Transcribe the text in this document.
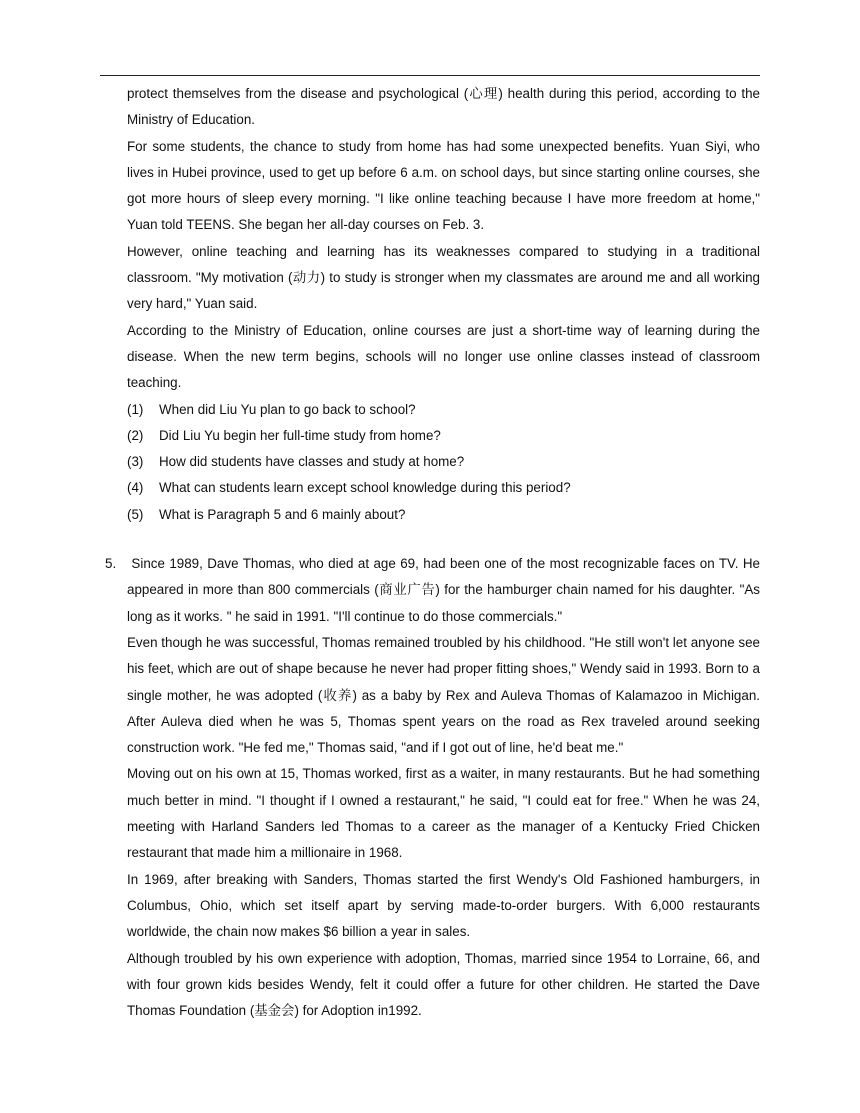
protect themselves from the disease and psychological (心理) health during this period, according to the Ministry of Education.

For some students, the chance to study from home has had some unexpected benefits. Yuan Siyi, who lives in Hubei province, used to get up before 6 a.m. on school days, but since starting online courses, she got more hours of sleep every morning. "I like online teaching because I have more freedom at home," Yuan told TEENS. She began her all-day courses on Feb. 3.

However, online teaching and learning has its weaknesses compared to studying in a traditional classroom. "My motivation (动力) to study is stronger when my classmates are around me and all working very hard," Yuan said.

According to the Ministry of Education, online courses are just a short-time way of learning during the disease. When the new term begins, schools will no longer use online classes instead of classroom teaching.

(1)	When did Liu Yu plan to go back to school?
(2)	Did Liu Yu begin her full-time study from home?
(3)	How did students have classes and study at home?
(4)	What can students learn except school knowledge during this period?
(5)	What is Paragraph 5 and 6 mainly about?

5. Since 1989, Dave Thomas, who died at age 69, had been one of the most recognizable faces on TV. He appeared in more than 800 commercials (商业广告) for the hamburger chain named for his daughter. "As long as it works. " he said in 1991. "I'll continue to do those commercials."

Even though he was successful, Thomas remained troubled by his childhood. "He still won't let anyone see his feet, which are out of shape because he never had proper fitting shoes," Wendy said in 1993. Born to a single mother, he was adopted (收养) as a baby by Rex and Auleva Thomas of Kalamazoo in Michigan. After Auleva died when he was 5, Thomas spent years on the road as Rex traveled around seeking construction work. "He fed me," Thomas said, "and if I got out of line, he'd beat me."

Moving out on his own at 15, Thomas worked, first as a waiter, in many restaurants. But he had something much better in mind. "I thought if I owned a restaurant," he said, "I could eat for free." When he was 24, meeting with Harland Sanders led Thomas to a career as the manager of a Kentucky Fried Chicken restaurant that made him a millionaire in 1968.

In 1969, after breaking with Sanders, Thomas started the first Wendy's Old Fashioned hamburgers, in Columbus, Ohio, which set itself apart by serving made-to-order burgers. With 6,000 restaurants worldwide, the chain now makes $6 billion a year in sales.

Although troubled by his own experience with adoption, Thomas, married since 1954 to Lorraine, 66, and with four grown kids besides Wendy, felt it could offer a future for other children. He started the Dave Thomas Foundation (基金会) for Adoption in1992.
